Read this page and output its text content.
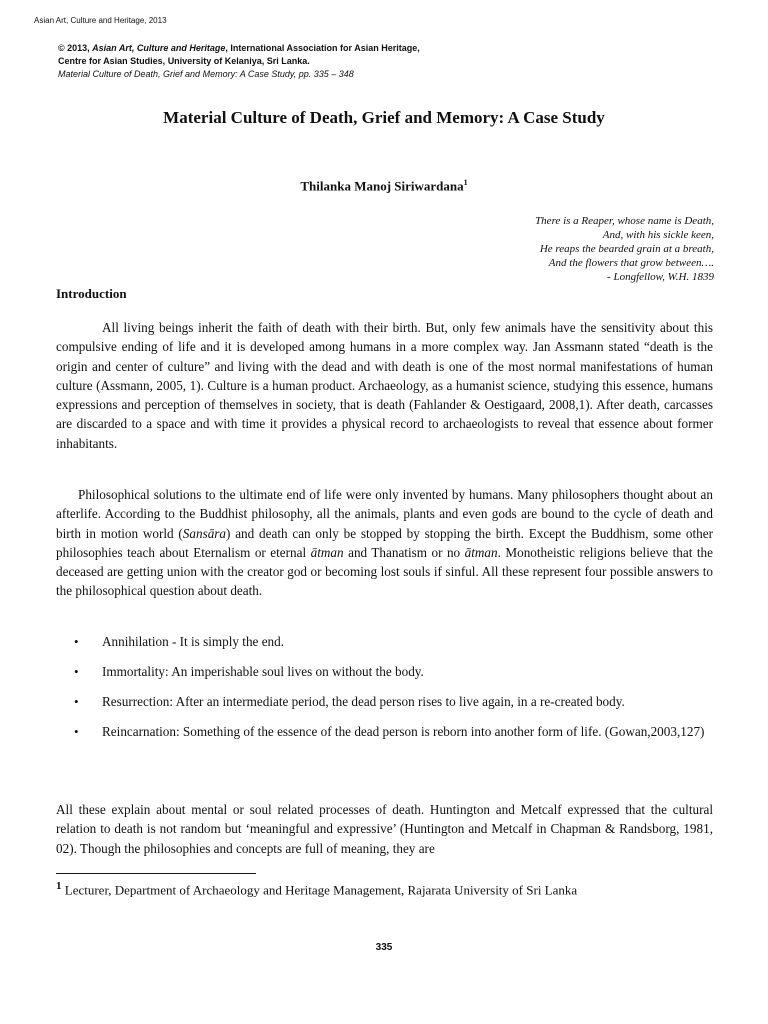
Asian Art, Culture and Heritage, 2013
© 2013, Asian Art, Culture and Heritage, International Association for Asian Heritage,
Centre for Asian Studies, University of Kelaniya, Sri Lanka.
Material Culture of Death, Grief and Memory: A Case Study, pp. 335 – 348
Material Culture of Death, Grief and Memory: A Case Study
Thilanka Manoj Siriwardana$^1$
There is a Reaper, whose name is Death,
And, with his sickle keen,
He reaps the bearded grain at a breath,
And the flowers that grow between….
- Longfellow, W.H. 1839
Introduction

All living beings inherit the faith of death with their birth. But, only few animals have the sensitivity about this compulsive ending of life and it is developed among humans in a more complex way. Jan Assmann stated “death is the origin and center of culture” and living with the dead and with death is one of the most normal manifestations of human culture (Assmann, 2005, 1). Culture is a human product. Archaeology, as a humanist science, studying this essence, humans expressions and perception of themselves in society, that is death (Fahlander & Oestigaard, 2008,1). After death, carcasses are discarded to a space and with time it provides a physical record to archaeologists to reveal that essence about former inhabitants.

Philosophical solutions to the ultimate end of life were only invented by humans. Many philosophers thought about an afterlife. According to the Buddhist philosophy, all the animals, plants and even gods are bound to the cycle of death and birth in motion world (Sansāra) and death can only be stopped by stopping the birth. Except the Buddhism, some other philosophies teach about Eternalism or eternal ātman and Thanatism or no ātman. Monotheistic religions believe that the deceased are getting union with the creator god or becoming lost souls if sinful. All these represent four possible answers to the philosophical question about death.

• Annihilation - It is simply the end.
• Immortality: An imperishable soul lives on without the body.
• Resurrection: After an intermediate period, the dead person rises to live again, in a re-created body.
• Reincarnation: Something of the essence of the dead person is reborn into another form of life. (Gowan,2003,127)

All these explain about mental or soul related processes of death. Huntington and Metcalf expressed that the cultural relation to death is not random but ‘meaningful and expressive’ (Huntington and Metcalf in Chapman & Randsborg, 1981, 02). Though the philosophies and concepts are full of meaning, they are

$^1$ Lecturer, Department of Archaeology and Heritage Management, Rajarata University of Sri Lanka
335
